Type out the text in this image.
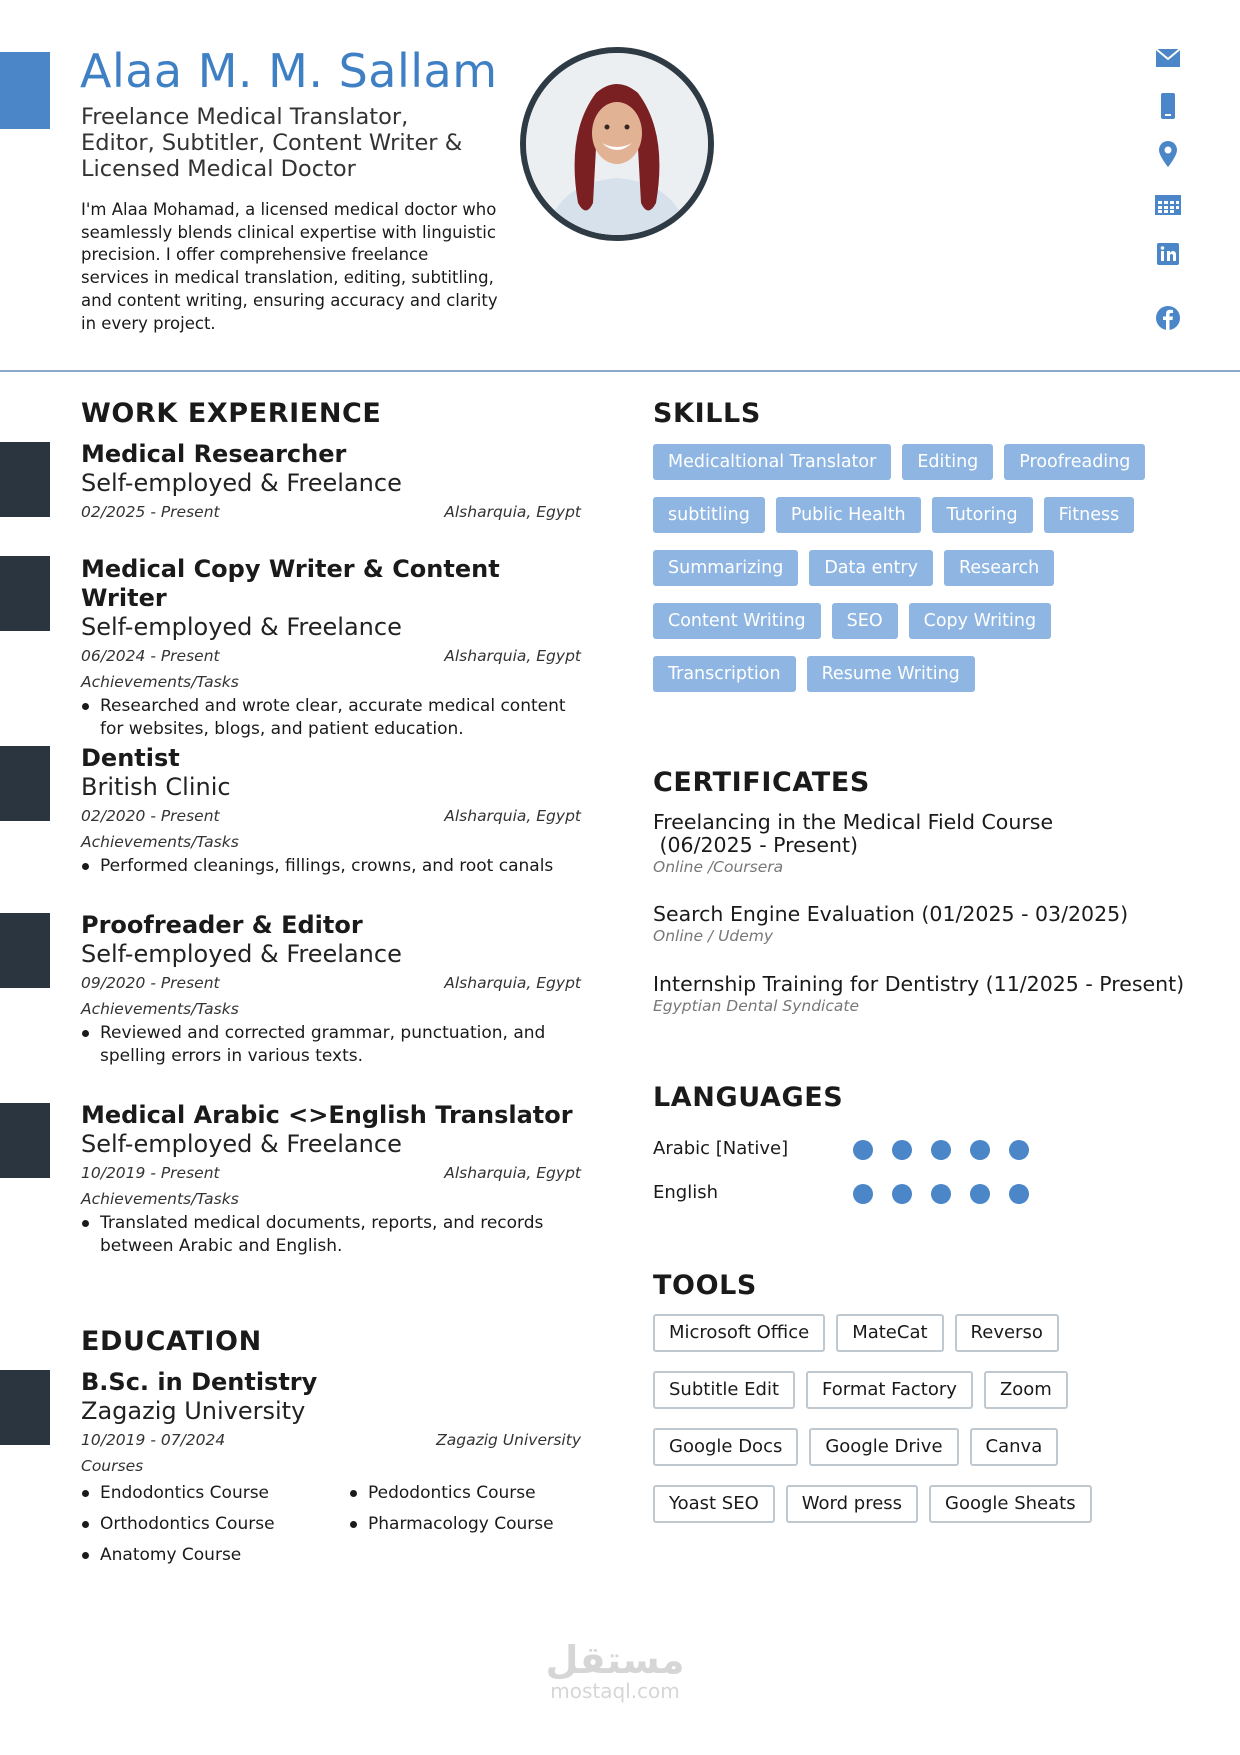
Alaa M. M. Sallam
Freelance Medical Translator,
Editor, Subtitler, Content Writer &
Licensed Medical Doctor

I'm Alaa Mohamad, a licensed medical doctor who seamlessly blends clinical expertise with linguistic precision. I offer comprehensive freelance services in medical translation, editing, subtitling, and content writing, ensuring accuracy and clarity in every project.

WORK EXPERIENCE
Medical Researcher
Self-employed & Freelance
02/2025 - Present	Alsharquia, Egypt
Medical Copy Writer & Content Writer
Self-employed & Freelance
06/2024 - Present	Alsharquia, Egypt
Achievements/Tasks
Researched and wrote clear, accurate medical content for websites, blogs, and patient education.
Dentist
British Clinic
02/2020 - Present	Alsharquia, Egypt
Achievements/Tasks
Performed cleanings, fillings, crowns, and root canals
Proofreader & Editor
Self-employed & Freelance
09/2020 - Present	Alsharquia, Egypt
Achievements/Tasks
Reviewed and corrected grammar, punctuation, and spelling errors in various texts.
Medical Arabic <>English Translator
Self-employed & Freelance
10/2019 - Present	Alsharquia, Egypt
Achievements/Tasks
Translated medical documents, reports, and records between Arabic and English.
EDUCATION
B.Sc. in Dentistry
Zagazig University
10/2019 - 07/2024	Zagazig University
Courses
Endodontics Course	Pedodontics Course
Orthodontics Course	Pharmacology Course
Anatomy Course
SKILLS
Medicaltional Translator	Editing	Proofreading
subtitling	Public Health	Tutoring	Fitness
Summarizing	Data entry	Research
Content Writing	SEO	Copy Writing
Transcription	Resume Writing
CERTIFICATES
Freelancing in the Medical Field Course
(06/2025 - Present)
Online /Coursera
Search Engine Evaluation (01/2025 - 03/2025)
Online / Udemy
Internship Training for Dentistry (11/2025 - Present)
Egyptian Dental Syndicate
LANGUAGES
Arabic [Native]
English
TOOLS
Microsoft Office	MateCat	Reverso
Subtitle Edit	Format Factory	Zoom
Google Docs	Google Drive	Canva
Yoast SEO	Word press	Google Sheats
مستقل
mostaql.com
